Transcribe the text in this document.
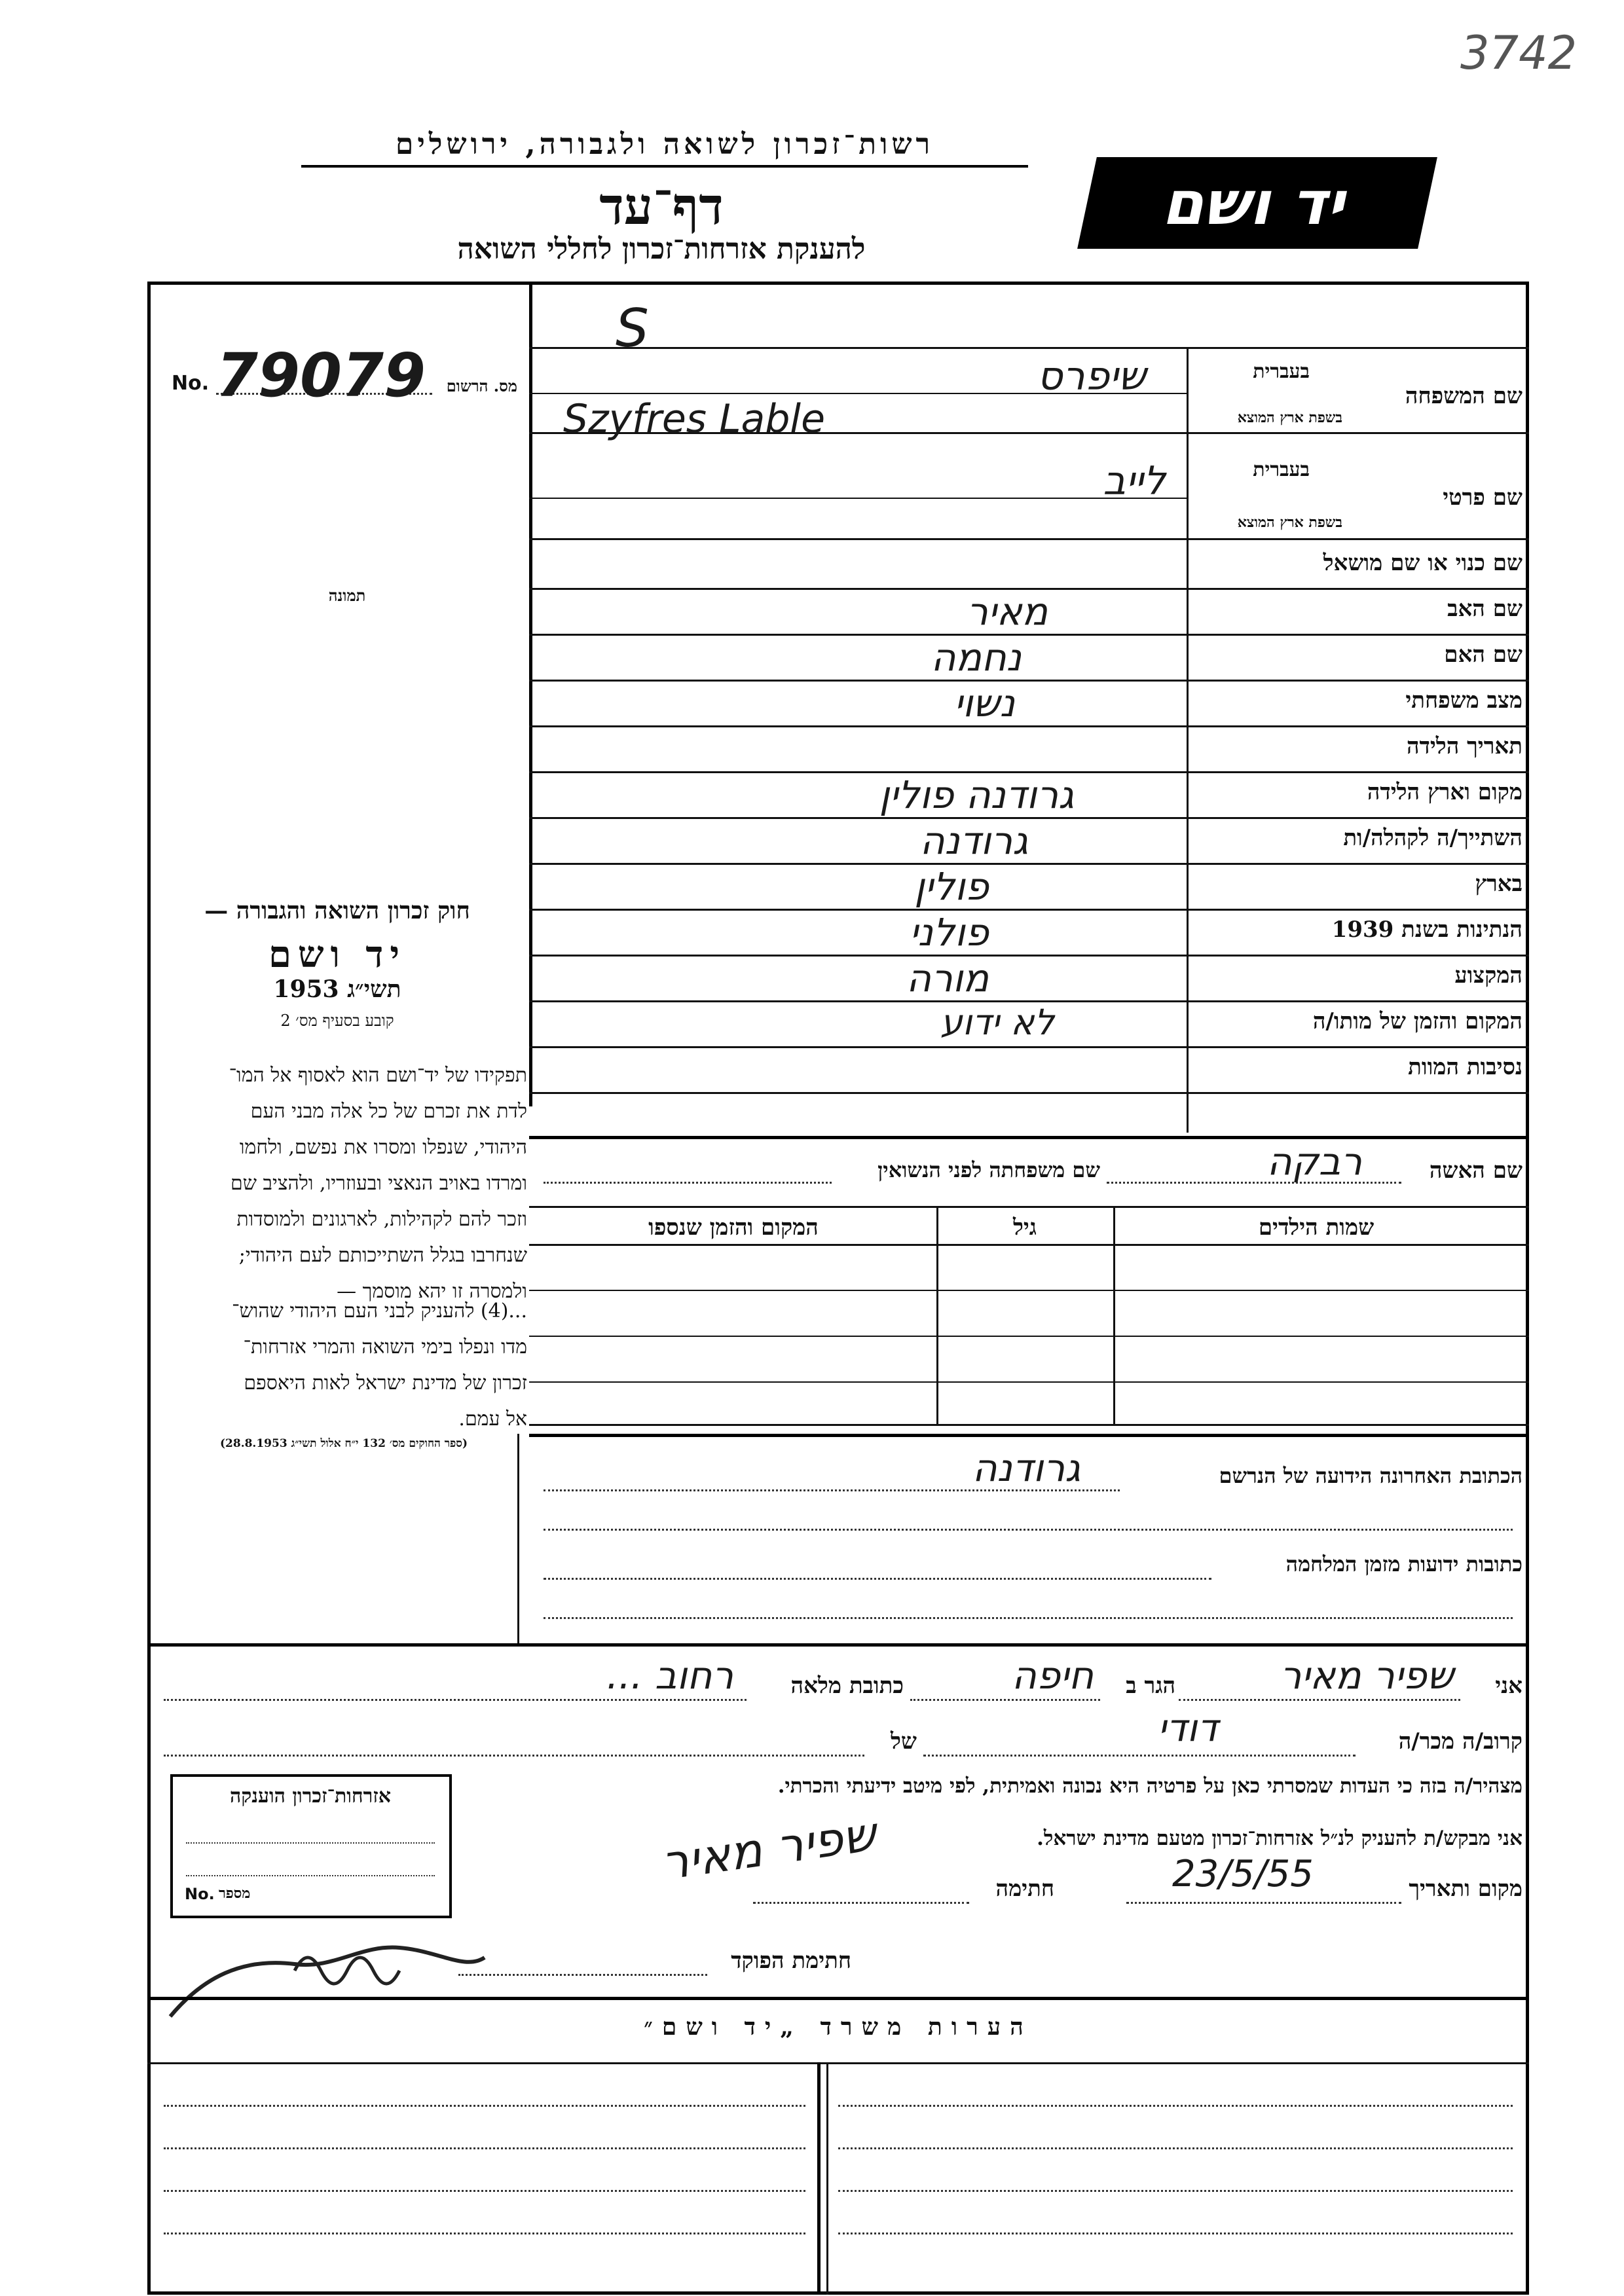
3742
רשות־זכרון לשואה ולגבורה, ירושלים
דף־עד
להענקת אזרחות־זכרון לחללי השואה
יד ושם
S
No. 79079	מס. הרשום
תמונה
חוק זכרון השואה והגבורה —
יד ושם
תשי״ג 1953
קובע בסעיף מס׳ 2
תפקידו של יד־ושם הוא לאסוף אל המו־
לדת את זכרם של כל אלה מבני העם
היהודי, שנפלו ומסרו את נפשם, ולחמו
ומרדו באויב הנאצי ובעוזריו, ולהציב שם
וזכר להם לקהילות, לארגונים ולמוסדות
שנחרבו בגלל השתייכותם לעם היהודי;
ולמסרה זו יהא מוסמך —
...(4) להעניק לבני העם היהודי שהוש־
מדו ונפלו בימי השואה והמרי אזרחות־
זכרון של מדינת ישראל לאות היאספם
אל עמם.
(ספר החוקים מס׳ 132 י״ח אלול תשי״ג 28.8.1953)
שם המשפחה
בעברית
בשפת ארץ המוצא
שיפרס
Szyfres Lable
שם פרטי
בעברית
בשפת ארץ המוצא
לייב
שם כנוי או שם מושאל
שם האב
מאיר
שם האם
נחמה
מצב משפחתי
נשוי
תאריך הלידה
מקום וארץ הלידה
גרודנה פולין
השתייך/ה לקהלה/ות
גרודנה
בארץ
פולין
הנתינות בשנת 1939
פולני
המקצוע
מורה
המקום והזמן של מותו/ה
לא ידוע
נסיבות המוות
שם האשה
רבקה
שם משפחתה לפני הנשואין
שמות הילדים
גיל
המקום והזמן שנספו
הכתובת האחרונה הידועה של הנרשם
גרודנה
כתובות ידועות מזמן המלחמה
אני
שפיר מאיר
הגר ב
חיפה
כתובת מלאה
רחוב ...
קרוב/ה מכר/ה
דודי
של
מצהיר/ה בזה כי העדות שמסרתי כאן על פרטיה היא נכונה ואמיתית, לפי מיטב ידיעתי והכרתי.
אני מבקש/ת להעניק לנ״ל אזרחות־זכרון מטעם מדינת ישראל.
מקום ותאריך
23/5/55
חתימה
שפיר מאיר
חתימת הפוקד
אזרחות־זכרון הוענקה
No. מספר
הערות משרד „יד ושם״
